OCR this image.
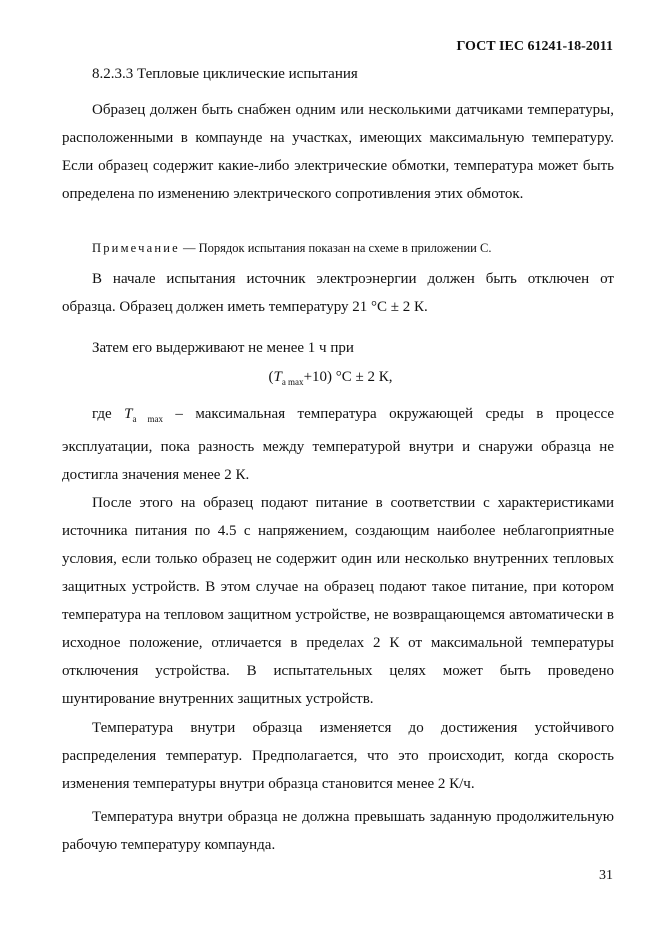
ГОСТ IEC 61241-18-2011
8.2.3.3 Тепловые циклические испытания

Образец должен быть снабжен одним или несколькими датчиками температуры, расположенными в компаунде на участках, имеющих максимальную температуру. Если образец содержит какие-либо электрические обмотки, температура может быть определена по изменению электрического сопротивления этих обмоток.

Примечание — Порядок испытания показан на схеме в приложении С.

В начале испытания источник электроэнергии должен быть отключен от образца. Образец должен иметь температуру 21 °С ± 2 К.

Затем его выдерживают не менее 1 ч при
$(T_{a max}+10) ^\circ С \pm 2$ К,

где $T_{a max}$ – максимальная температура окружающей среды в процессе эксплуатации, пока разность между температурой внутри и снаружи образца не достигла значения менее 2 К.

После этого на образец подают питание в соответствии с характеристиками источника питания по 4.5 с напряжением, создающим наиболее неблагоприятные условия, если только образец не содержит один или несколько внутренних тепловых защитных устройств. В этом случае на образец подают такое питание, при котором температура на тепловом защитном устройстве, не возвращающемся автоматически в исходное положение, отличается в пределах 2 К от максимальной температуры отключения устройства. В испытательных целях может быть проведено шунтирование внутренних защитных устройств.

Температура внутри образца изменяется до достижения устойчивого распределения температур. Предполагается, что это происходит, когда скорость изменения температуры внутри образца становится менее 2 К/ч.

Температура внутри образца не должна превышать заданную продолжительную рабочую температуру компаунда.

31
